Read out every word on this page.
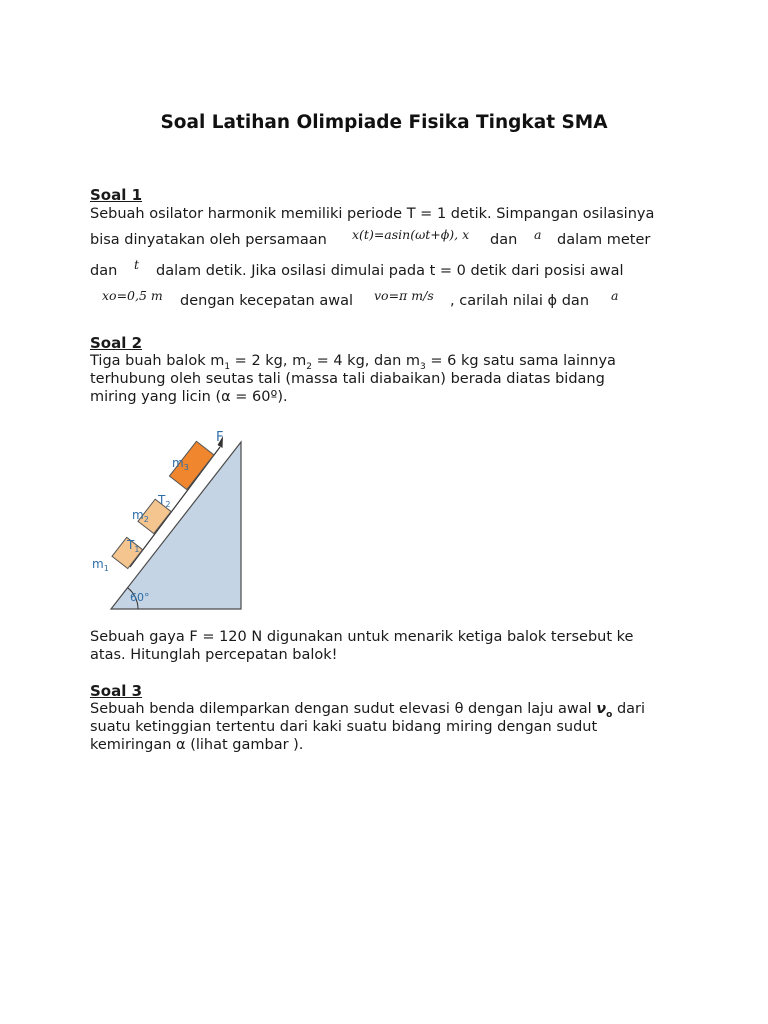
Soal Latihan Olimpiade Fisika Tingkat SMA
Soal 1
Sebuah osilator harmonik memiliki periode T = 1 detik. Simpangan osilasinya
bisa dinyatakan oleh persamaan x(t)=asin(ωt+ϕ), x dan a dalam meter
dan t dalam detik. Jika osilasi dimulai pada t = 0 detik dari posisi awal
xo=0,5 m dengan kecepatan awal vo=π m/s , carilah nilai ϕ dan a
Soal 2
Tiga buah balok $m_1 = 2$ kg, $m_2 = 4$ kg, dan $m_3 = 6$ kg satu sama lainnya
terhubung oleh seutas tali (massa tali diabaikan) berada diatas bidang
miring yang licin (α = 60º).
60°
F
$m_3$
$T_2$
$m_2$
$T_1$
$m_1$
Sebuah gaya F = 120 N digunakan untuk menarik ketiga balok tersebut ke
atas. Hitunglah percepatan balok!
Soal 3
Sebuah benda dilemparkan dengan sudut elevasi θ dengan laju awal $\nu_o$ dari
suatu ketinggian tertentu dari kaki suatu bidang miring dengan sudut
kemiringan α (lihat gambar ).
